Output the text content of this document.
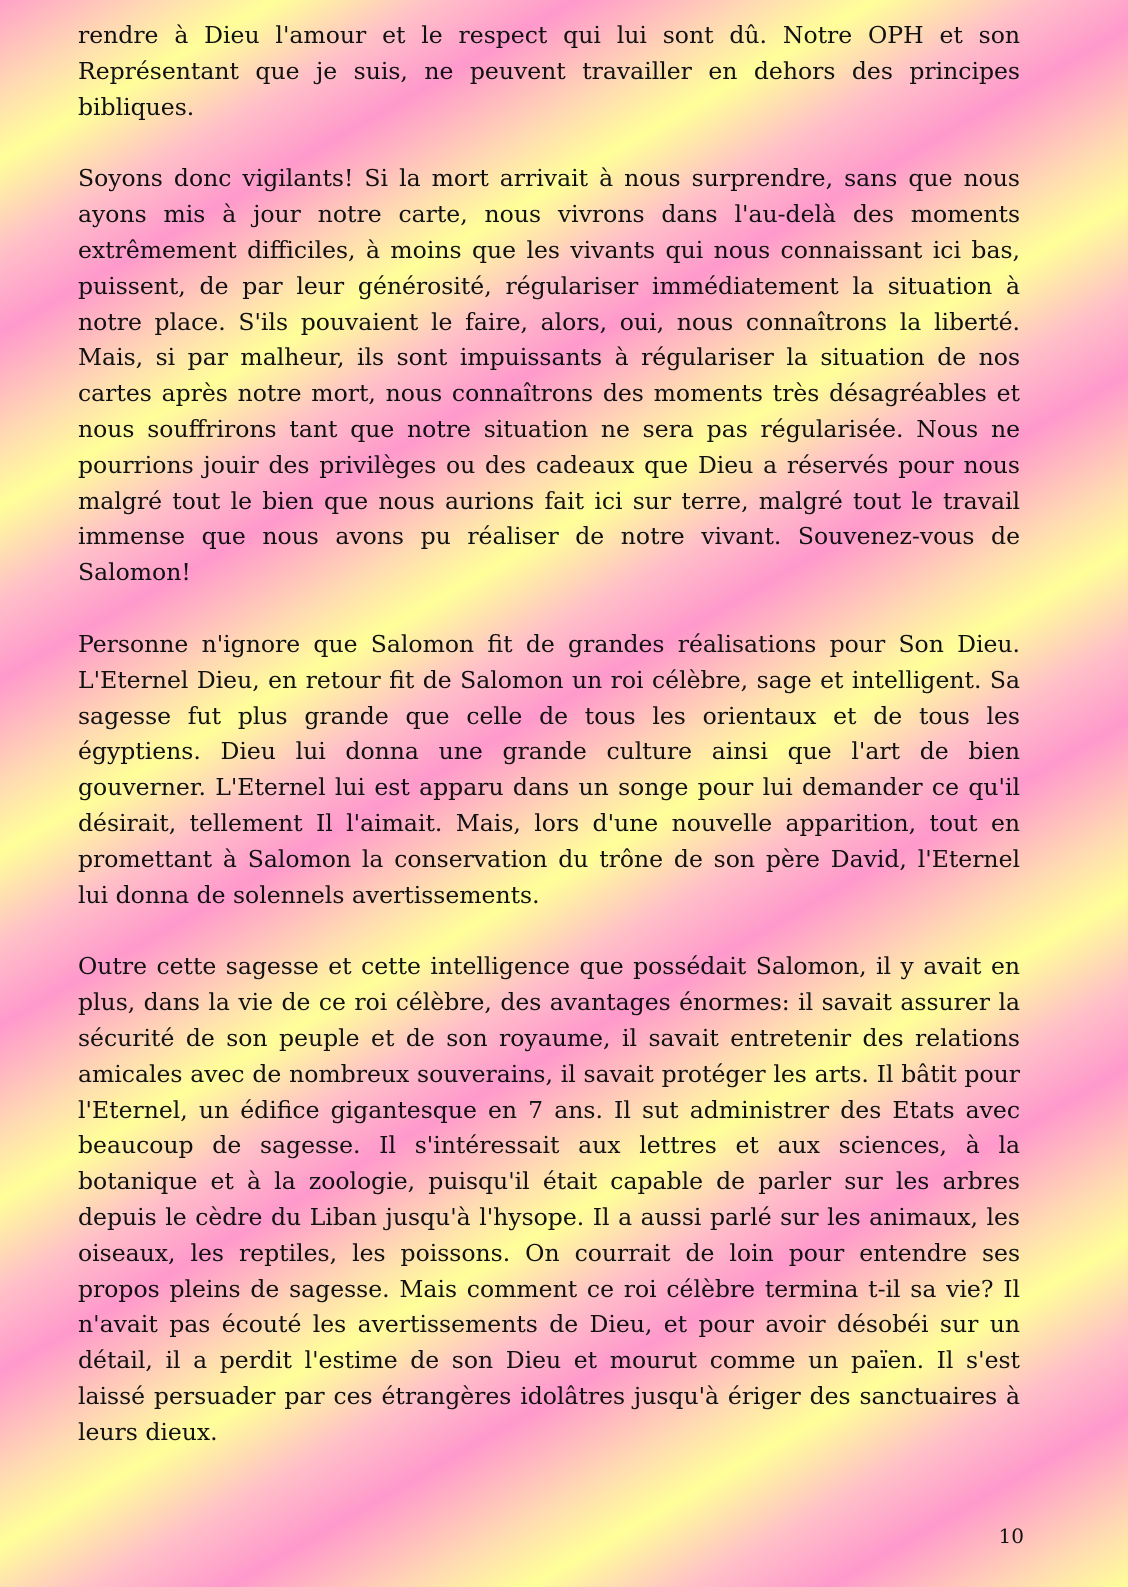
rendre à Dieu l'amour et le respect qui lui sont dû. Notre OPH et son Représentant que je suis, ne peuvent travailler en dehors des principes bibliques.

Soyons donc vigilants! Si la mort arrivait à nous surprendre, sans que nous ayons mis à jour notre carte, nous vivrons dans l'au-delà des moments extrêmement difficiles, à moins que les vivants qui nous connaissant ici bas, puissent, de par leur générosité, régulariser immédiatement la situation à notre place. S'ils pouvaient le faire, alors, oui, nous connaîtrons la liberté. Mais, si par malheur, ils sont impuissants à régulariser la situation de nos cartes après notre mort, nous connaîtrons des moments très désagréables et nous souffrirons tant que notre situation ne sera pas régularisée. Nous ne pourrions jouir des privilèges ou des cadeaux que Dieu a réservés pour nous malgré tout le bien que nous aurions fait ici sur terre, malgré tout le travail immense que nous avons pu réaliser de notre vivant. Souvenez-vous de Salomon!

Personne n'ignore que Salomon fit de grandes réalisations pour Son Dieu. L'Eternel Dieu, en retour fit de Salomon un roi célèbre, sage et intelligent. Sa sagesse fut plus grande que celle de tous les orientaux et de tous les égyptiens. Dieu lui donna une grande culture ainsi que l'art de bien gouverner. L'Eternel lui est apparu dans un songe pour lui demander ce qu'il désirait, tellement Il l'aimait. Mais, lors d'une nouvelle apparition, tout en promettant à Salomon la conservation du trône de son père David, l'Eternel lui donna de solennels avertissements.

Outre cette sagesse et cette intelligence que possédait Salomon, il y avait en plus, dans la vie de ce roi célèbre, des avantages énormes: il savait assurer la sécurité de son peuple et de son royaume, il savait entretenir des relations amicales avec de nombreux souverains, il savait protéger les arts. Il bâtit pour l'Eternel, un édifice gigantesque en 7 ans. Il sut administrer des Etats avec beaucoup de sagesse. Il s'intéressait aux lettres et aux sciences, à la botanique et à la zoologie, puisqu'il était capable de parler sur les arbres depuis le cèdre du Liban jusqu'à l'hysope. Il a aussi parlé sur les animaux, les oiseaux, les reptiles, les poissons. On courrait de loin pour entendre ses propos pleins de sagesse. Mais comment ce roi célèbre termina t-il sa vie? Il n'avait pas écouté les avertissements de Dieu, et pour avoir désobéi sur un détail, il a perdit l'estime de son Dieu et mourut comme un païen. Il s'est laissé persuader par ces étrangères idolâtres jusqu'à ériger des sanctuaires à leurs dieux.

10
